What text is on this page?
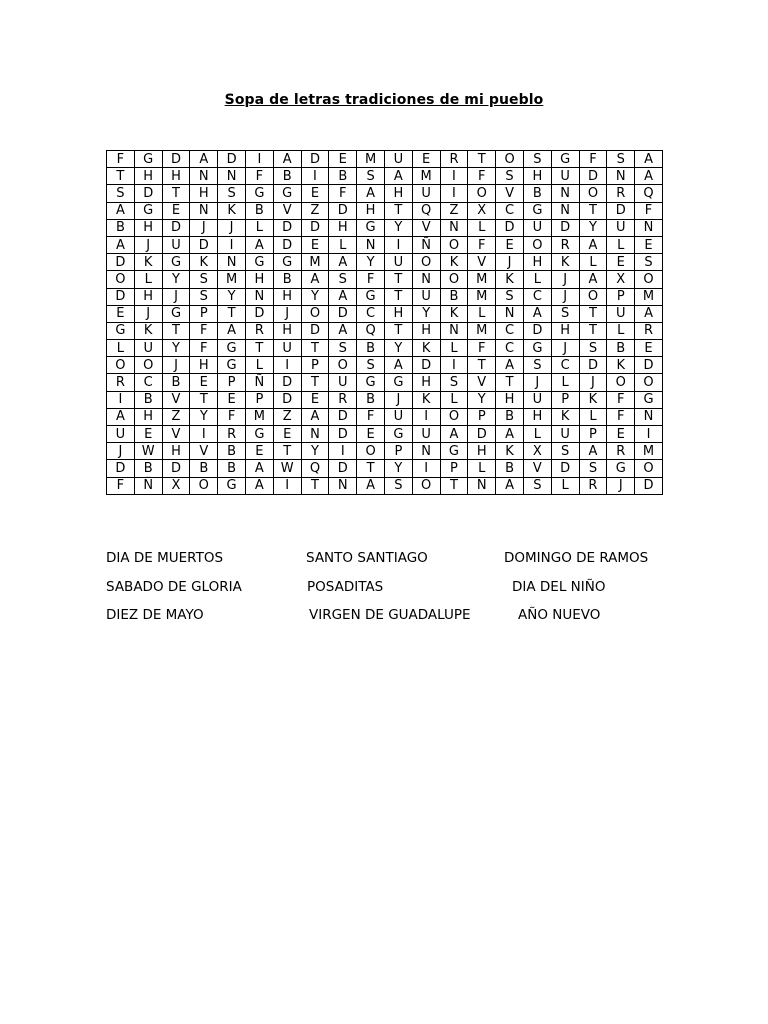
Sopa de letras tradiciones de mi pueblo
F	G	D	A	D	I	A	D	E	M	U	E	R	T	O	S	G	F	S	A
T	H	H	N	N	F	B	I	B	S	A	M	I	F	S	H	U	D	N	A
S	D	T	H	S	G	G	E	F	A	H	U	I	O	V	B	N	O	R	Q
A	G	E	N	K	B	V	Z	D	H	T	Q	Z	X	C	G	N	T	D	F
B	H	D	J	J	L	D	D	H	G	Y	V	N	L	D	U	D	Y	U	N
A	J	U	D	I	A	D	E	L	N	I	Ñ	O	F	E	O	R	A	L	E
D	K	G	K	N	G	G	M	A	Y	U	O	K	V	J	H	K	L	E	S
O	L	Y	S	M	H	B	A	S	F	T	N	O	M	K	L	J	A	X	O
D	H	J	S	Y	N	H	Y	A	G	T	U	B	M	S	C	J	O	P	M
E	J	G	P	T	D	J	O	D	C	H	Y	K	L	N	A	S	T	U	A
G	K	T	F	A	R	H	D	A	Q	T	H	N	M	C	D	H	T	L	R
L	U	Y	F	G	T	U	T	S	B	Y	K	L	F	C	G	J	S	B	E
O	O	J	H	G	L	I	P	O	S	A	D	I	T	A	S	C	D	K	D
R	C	B	E	P	Ñ	D	T	U	G	G	H	S	V	T	J	L	J	O	O
I	B	V	T	E	P	D	E	R	B	J	K	L	Y	H	U	P	K	F	G
A	H	Z	Y	F	M	Z	A	D	F	U	I	O	P	B	H	K	L	F	N
U	E	V	I	R	G	E	N	D	E	G	U	A	D	A	L	U	P	E	I
J	W	H	V	B	E	T	Y	I	O	P	N	G	H	K	X	S	A	R	M
D	B	D	B	B	A	W	Q	D	T	Y	I	P	L	B	V	D	S	G	O
F	Ñ	X	O	G	A	I	T	N	A	S	O	T	N	A	S	L	R	J	D
DIA DE MUERTOS	SANTO SANTIAGO	DOMINGO DE RAMOS
SABADO DE GLORIA	POSADITAS	DIA DEL NIÑO
DIEZ DE MAYO	VIRGEN DE GUADALUPE	AÑO NUEVO
